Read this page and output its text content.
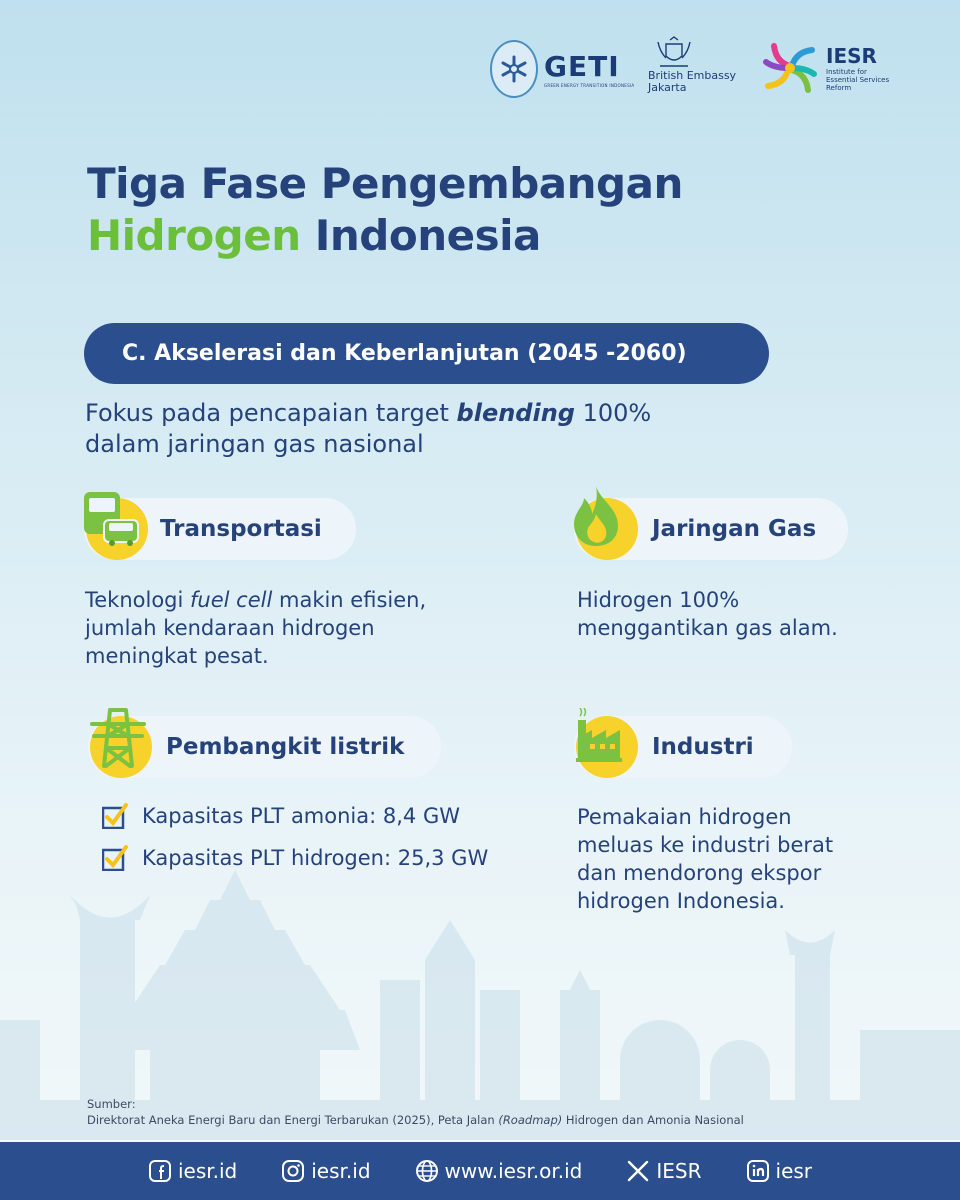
GETI
GREEN ENERGY TRANSITION INDONESIA
British Embassy
Jakarta
IESR
Institute for
Essential Services
Reform
Tiga Fase Pengembangan
Hidrogen Indonesia
C. Akselerasi dan Keberlanjutan (2045 -2060)
Fokus pada pencapaian target blending 100%
dalam jaringan gas nasional
Transportasi
Teknologi fuel cell makin efisien,
jumlah kendaraan hidrogen
meningkat pesat.
Jaringan Gas
Hidrogen 100%
menggantikan gas alam.
Pembangkit listrik
Kapasitas PLT amonia: 8,4 GW
Kapasitas PLT hidrogen: 25,3 GW
Industri
Pemakaian hidrogen
meluas ke industri berat
dan mendorong ekspor
hidrogen Indonesia.
Sumber:
Direktorat Aneka Energi Baru dan Energi Terbarukan (2025), Peta Jalan (Roadmap) Hidrogen dan Amonia Nasional
iesr.id	iesr.id	www.iesr.or.id	IESR	iesr
